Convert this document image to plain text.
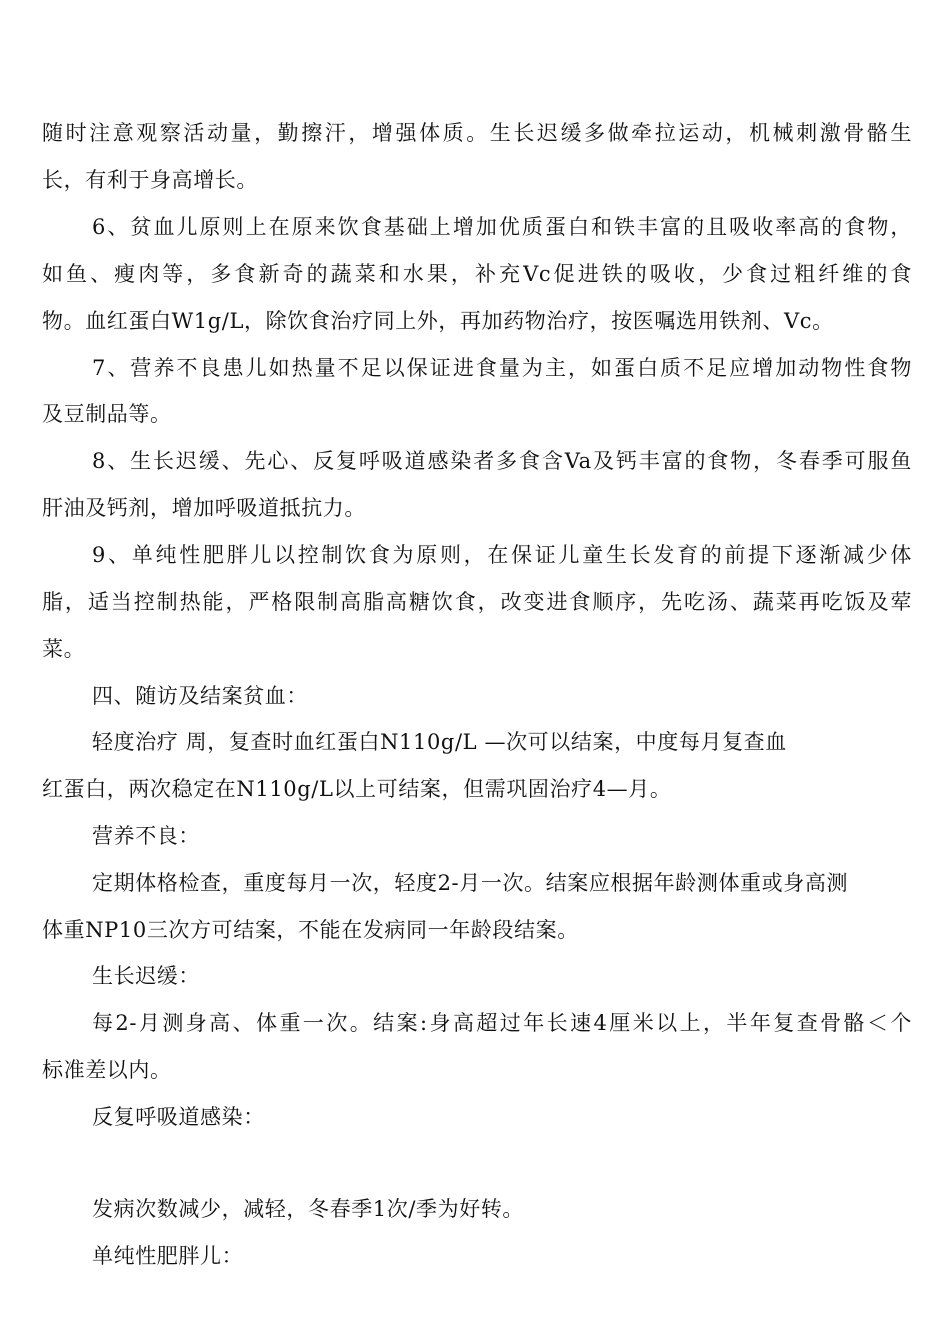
随时注意观察活动量，勤擦汗，增强体质。生长迟缓多做牵拉运动，机械刺激骨骼生
长，有利于身高增长。
6、贫血儿原则上在原来饮食基础上增加优质蛋白和铁丰富的且吸收率高的食物，
如鱼、瘦肉等，多食新奇的蔬菜和水果，补充Vc促进铁的吸收，少食过粗纤维的食
物。血红蛋白W1g/L，除饮食治疗同上外，再加药物治疗，按医嘱选用铁剂、Vc。
7、营养不良患儿如热量不足以保证进食量为主，如蛋白质不足应增加动物性食物
及豆制品等。
8、生长迟缓、先心、反复呼吸道感染者多食含Va及钙丰富的食物，冬春季可服鱼
肝油及钙剂，增加呼吸道抵抗力。
9、单纯性肥胖儿以控制饮食为原则，在保证儿童生长发育的前提下逐渐减少体
脂，适当控制热能，严格限制高脂高糖饮食，改变进食顺序，先吃汤、蔬菜再吃饭及荤
菜。
四、随访及结案贫血：
轻度治疗 周，复查时血红蛋白N110g/L —次可以结案，中度每月复查血
红蛋白，两次稳定在N110g/L以上可结案，但需巩固治疗4—月。
营养不良：
定期体格检查，重度每月一次，轻度2-月一次。结案应根据年龄测体重或身高测
体重NP10三次方可结案，不能在发病同一年龄段结案。
生长迟缓：
每2-月测身高、体重一次。结案:身高超过年长速4厘米以上，半年复查骨骼＜个
标准差以内。
反复呼吸道感染：
发病次数减少，减轻，冬春季1次/季为好转。
单纯性肥胖儿：
